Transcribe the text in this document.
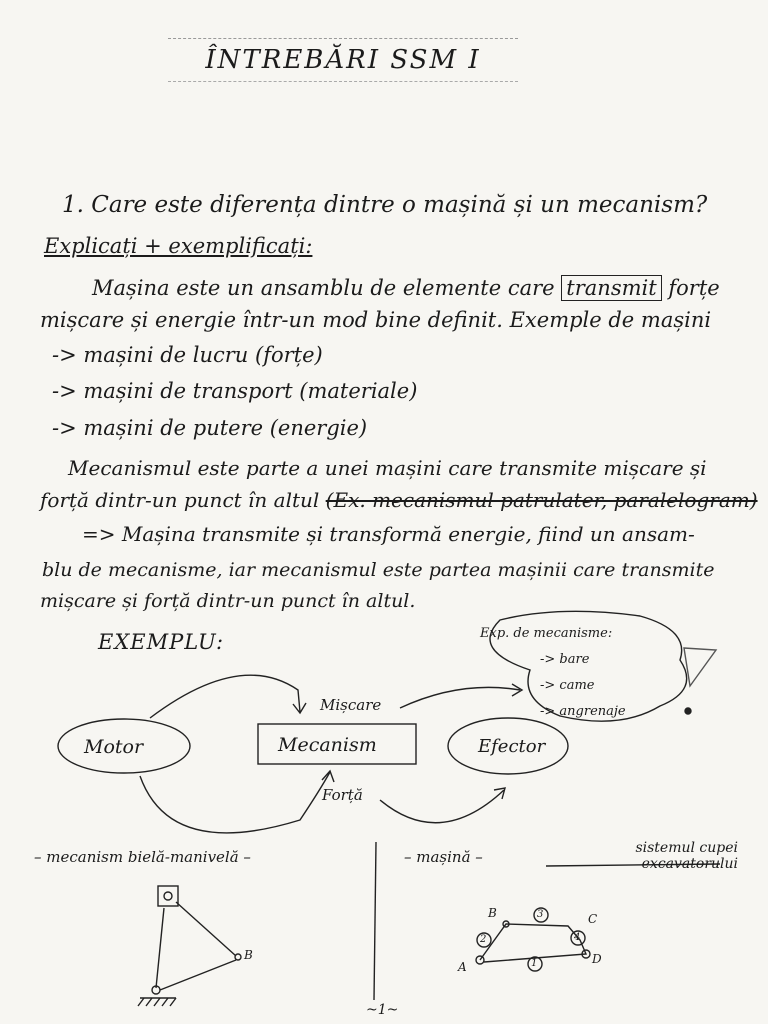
ÎNTREBĂRI SSM I
1. Care este diferența dintre o mașină și un mecanism?
Explicați + exemplificați:
Mașina este un ansamblu de elemente care transmit forțe
mișcare și energie într-un mod bine definit. Exemple de mașini
-> mașini de lucru (forțe)
-> mașini de transport (materiale)
-> mașini de putere (energie)
Mecanismul este parte a unei mașini care transmite mișcare și
forță dintr-un punct în altul (Ex. mecanismul patrulater, paralelogram)
=> Mașina transmite și transformă energie, fiind un ansam-
blu de mecanisme, iar mecanismul este partea mașinii care transmite
mișcare și forță dintr-un punct în altul.
EXEMPLU:	Exp. de mecanisme:
-> bare
-> came
-> angrenaje
Mișcare
Motor	Mecanism	Efector
Forță
– mecanism bielă-manivelă –	– mașină –	sistemul cupei excavatorului
B
A
B	C
D
1
2
3
4
~1~
